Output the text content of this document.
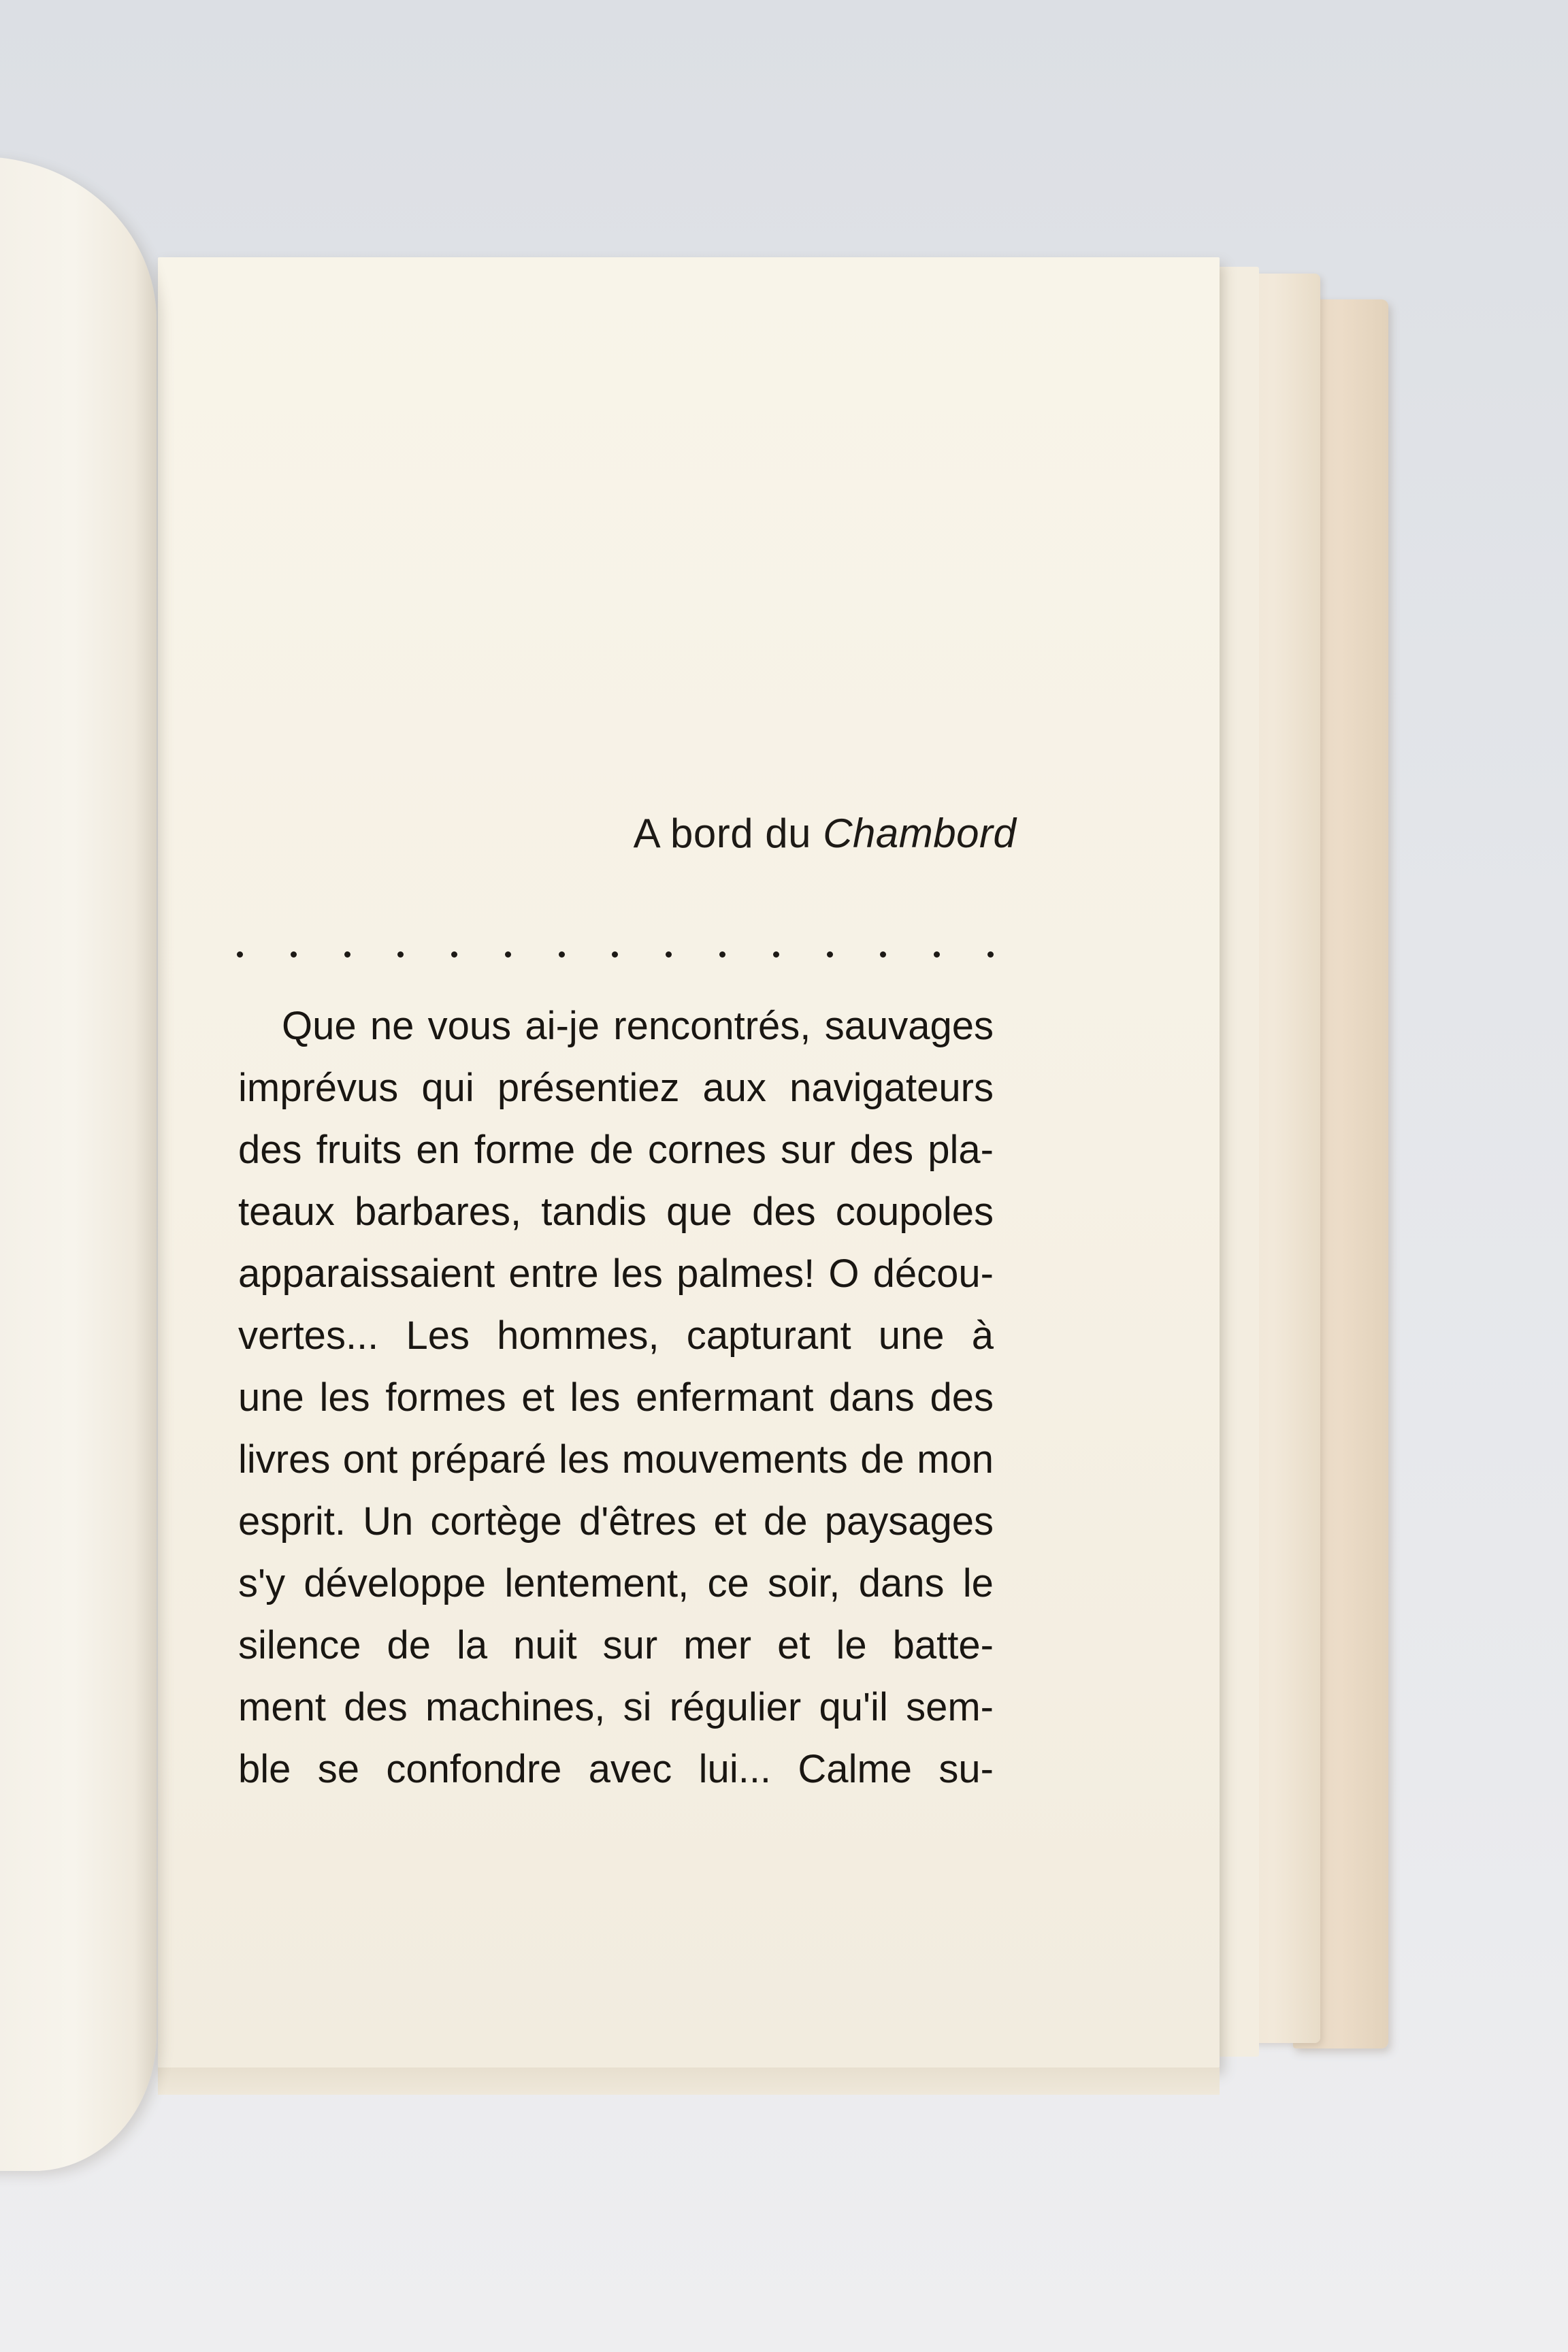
A bord du Chambord
Que ne vous ai-je rencontrés, sauvages
imprévus qui présentiez aux navigateurs
des fruits en forme de cornes sur des pla-
teaux barbares, tandis que des coupoles
apparaissaient entre les palmes! O décou-
vertes... Les hommes, capturant une à
une les formes et les enfermant dans des
livres ont préparé les mouvements de mon
esprit. Un cortège d'êtres et de paysages
s'y développe lentement, ce soir, dans le
silence de la nuit sur mer et le batte-
ment des machines, si régulier qu'il sem-
ble se confondre avec lui... Calme su-
